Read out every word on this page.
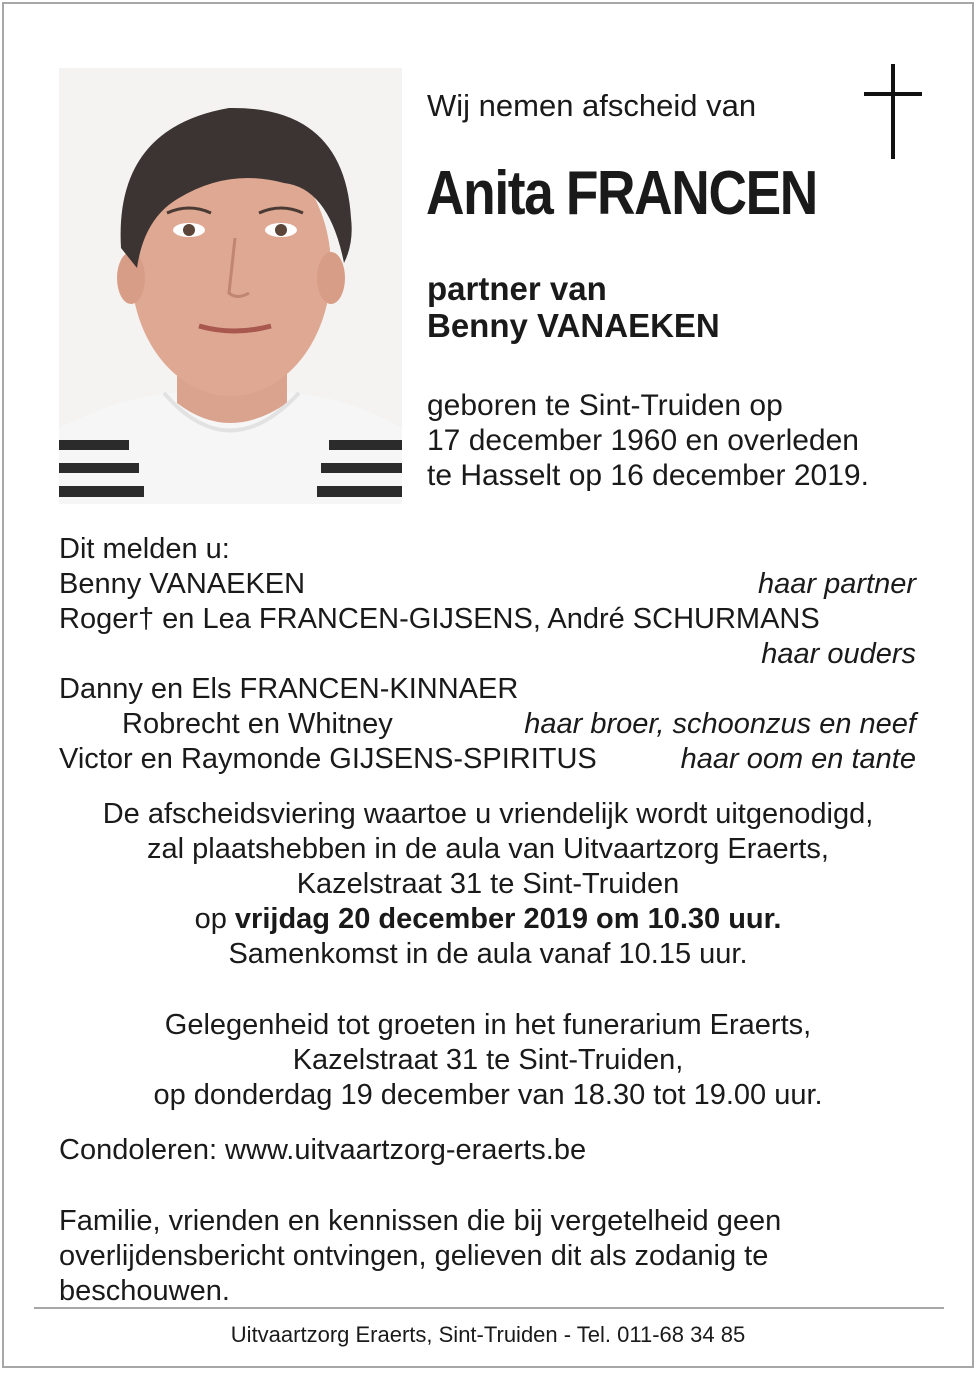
Wij nemen afscheid van
Anita FRANCEN
partner van
Benny VANAEKEN
geboren te Sint-Truiden op
17 december 1960 en overleden
te Hasselt op 16 december 2019.
Dit melden u:
Benny VANAEKEN	haar partner
Roger† en Lea FRANCEN-GIJSENS, André SCHURMANS
haar ouders
Danny en Els FRANCEN-KINNAER
Robrecht en Whitney	haar broer, schoonzus en neef
Victor en Raymonde GIJSENS-SPIRITUS	haar oom en tante
De afscheidsviering waartoe u vriendelijk wordt uitgenodigd,
zal plaatshebben in de aula van Uitvaartzorg Eraerts,
Kazelstraat 31 te Sint-Truiden
op vrijdag 20 december 2019 om 10.30 uur.
Samenkomst in de aula vanaf 10.15 uur.
Gelegenheid tot groeten in het funerarium Eraerts,
Kazelstraat 31 te Sint-Truiden,
op donderdag 19 december van 18.30 tot 19.00 uur.
Condoleren: www.uitvaartzorg-eraerts.be
Familie, vrienden en kennissen die bij vergetelheid geen
overlijdensbericht ontvingen, gelieven dit als zodanig te
beschouwen.
Uitvaartzorg Eraerts, Sint-Truiden - Tel. 011-68 34 85
